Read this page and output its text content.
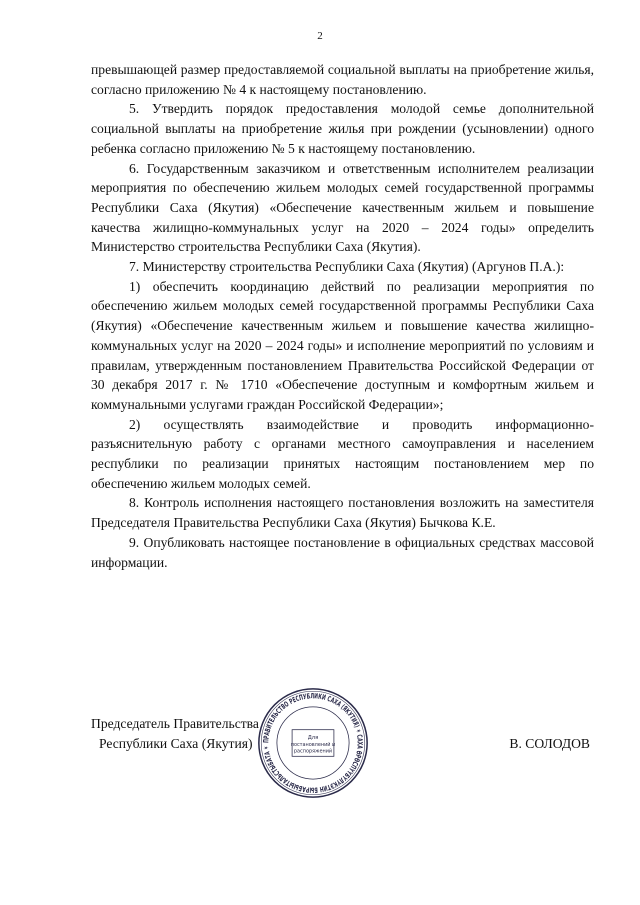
2

превышающей размер предоставляемой социальной выплаты на приобретение жилья, согласно приложению № 4 к настоящему постановлению.

5. Утвердить порядок предоставления молодой семье дополнительной социальной выплаты на приобретение жилья при рождении (усыновлении) одного ребенка согласно приложению № 5 к настоящему постановлению.

6. Государственным заказчиком и ответственным исполнителем реализации мероприятия по обеспечению жильем молодых семей государственной программы Республики Саха (Якутия) «Обеспечение качественным жильем и повышение качества жилищно-коммунальных услуг на 2020 – 2024 годы» определить Министерство строительства Республики Саха (Якутия).

7. Министерству строительства Республики Саха (Якутия) (Аргунов П.А.):

1) обеспечить координацию действий по реализации мероприятия по обеспечению жильем молодых семей государственной программы Республики Саха (Якутия) «Обеспечение качественным жильем и повышение качества жилищно-коммунальных услуг на 2020 – 2024 годы» и исполнение мероприятий по условиям и правилам, утвержденным постановлением Правительства Российской Федерации от 30 декабря 2017 г. № 1710 «Обеспечение доступным и комфортным жильем и коммунальными услугами граждан Российской Федерации»;

2) осуществлять взаимодействие и проводить информационно-разъяснительную работу с органами местного самоуправления и населением республики по реализации принятых настоящим постановлением мер по обеспечению жильем молодых семей.

8. Контроль исполнения настоящего постановления возложить на заместителя Председателя Правительства Республики Саха (Якутия) Бычкова К.Е.

9. Опубликовать настоящее постановление в официальных средствах массовой информации.

Председатель Правительства
Республики Саха (Якутия)	В. СОЛОДОВ
ПРАВИТЕЛЬСТВО РЕСПУБЛИКИ САХА (ЯКУТИЯ) ✶ САХА ӨРӨСПҮҮБҮЛҮКЭТИН БЫРАБЫЫТАЛЬСТЫБАТА ✶
Для
постановлений и
распоряжений
